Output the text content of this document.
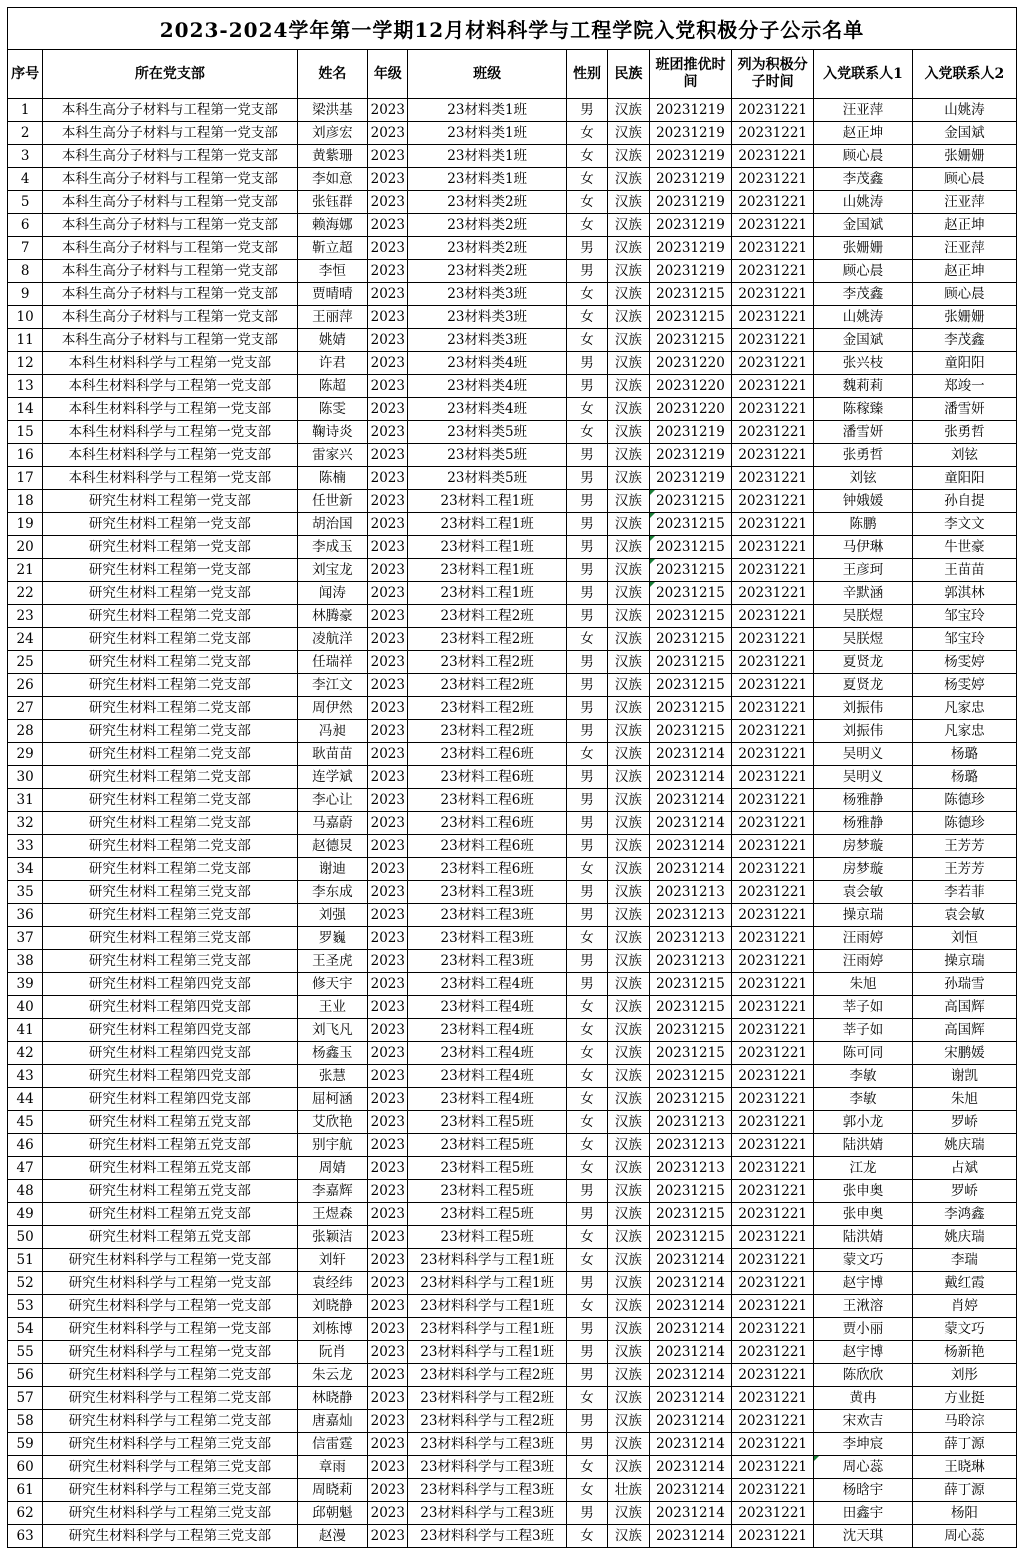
2023-2024学年第一学期12月材料科学与工程学院入党积极分子公示名单										
序号	所在党支部	姓名	年级	班级	性别	民族	班团推优时间	列为积极分子时间	入党联系人1	入党联系人2
1	本科生高分子材料与工程第一党支部	梁洪基	2023	23材料类1班	男	汉族	20231219	20231221	汪亚萍	山姚涛
2	本科生高分子材料与工程第一党支部	刘彦宏	2023	23材料类1班	女	汉族	20231219	20231221	赵正坤	金国斌
3	本科生高分子材料与工程第一党支部	黄紫珊	2023	23材料类1班	女	汉族	20231219	20231221	顾心晨	张姗姗
4	本科生高分子材料与工程第一党支部	李如意	2023	23材料类1班	女	汉族	20231219	20231221	李茂鑫	顾心晨
5	本科生高分子材料与工程第一党支部	张钰群	2023	23材料类2班	女	汉族	20231219	20231221	山姚涛	汪亚萍
6	本科生高分子材料与工程第一党支部	赖海娜	2023	23材料类2班	女	汉族	20231219	20231221	金国斌	赵正坤
7	本科生高分子材料与工程第一党支部	靳立超	2023	23材料类2班	男	汉族	20231219	20231221	张姗姗	汪亚萍
8	本科生高分子材料与工程第一党支部	李恒	2023	23材料类2班	男	汉族	20231219	20231221	顾心晨	赵正坤
9	本科生高分子材料与工程第一党支部	贾晴晴	2023	23材料类3班	女	汉族	20231215	20231221	李茂鑫	顾心晨
10	本科生高分子材料与工程第一党支部	王丽萍	2023	23材料类3班	女	汉族	20231215	20231221	山姚涛	张姗姗
11	本科生高分子材料与工程第一党支部	姚婧	2023	23材料类3班	女	汉族	20231215	20231221	金国斌	李茂鑫
12	本科生材料科学与工程第一党支部	许君	2023	23材料类4班	男	汉族	20231220	20231221	张兴枝	童阳阳
13	本科生材料科学与工程第一党支部	陈超	2023	23材料类4班	男	汉族	20231220	20231221	魏莉莉	郑竣一
14	本科生材料科学与工程第一党支部	陈雯	2023	23材料类4班	女	汉族	20231220	20231221	陈稼臻	潘雪妍
15	本科生材料科学与工程第一党支部	鞠诗炎	2023	23材料类5班	女	汉族	20231219	20231221	潘雪妍	张勇哲
16	本科生材料科学与工程第一党支部	雷家兴	2023	23材料类5班	男	汉族	20231219	20231221	张勇哲	刘铉
17	本科生材料科学与工程第一党支部	陈楠	2023	23材料类5班	男	汉族	20231219	20231221	刘铉	童阳阳
18	研究生材料工程第一党支部	任世新	2023	23材料工程1班	男	汉族	20231215	20231221	钟娥媛	孙自提
19	研究生材料工程第一党支部	胡治国	2023	23材料工程1班	男	汉族	20231215	20231221	陈鹏	李文文
20	研究生材料工程第一党支部	李成玉	2023	23材料工程1班	男	汉族	20231215	20231221	马伊琳	牛世豪
21	研究生材料工程第一党支部	刘宝龙	2023	23材料工程1班	男	汉族	20231215	20231221	王彦珂	王苗苗
22	研究生材料工程第一党支部	闻涛	2023	23材料工程1班	男	汉族	20231215	20231221	辛默涵	郭淇林
23	研究生材料工程第二党支部	林腾豪	2023	23材料工程2班	男	汉族	20231215	20231221	吴朕煜	邹宝玲
24	研究生材料工程第二党支部	凌航洋	2023	23材料工程2班	女	汉族	20231215	20231221	吴朕煜	邹宝玲
25	研究生材料工程第二党支部	任瑞祥	2023	23材料工程2班	男	汉族	20231215	20231221	夏贤龙	杨雯婷
26	研究生材料工程第二党支部	李江文	2023	23材料工程2班	男	汉族	20231215	20231221	夏贤龙	杨雯婷
27	研究生材料工程第二党支部	周伊然	2023	23材料工程2班	男	汉族	20231215	20231221	刘振伟	凡家忠
28	研究生材料工程第二党支部	冯昶	2023	23材料工程2班	男	汉族	20231215	20231221	刘振伟	凡家忠
29	研究生材料工程第二党支部	耿苗苗	2023	23材料工程6班	女	汉族	20231214	20231221	吴明义	杨璐
30	研究生材料工程第二党支部	连学斌	2023	23材料工程6班	男	汉族	20231214	20231221	吴明义	杨璐
31	研究生材料工程第二党支部	李心让	2023	23材料工程6班	男	汉族	20231214	20231221	杨雅静	陈德珍
32	研究生材料工程第二党支部	马嘉蔚	2023	23材料工程6班	男	汉族	20231214	20231221	杨雅静	陈德珍
33	研究生材料工程第二党支部	赵德炅	2023	23材料工程6班	男	汉族	20231214	20231221	房梦璇	王芳芳
34	研究生材料工程第二党支部	谢迪	2023	23材料工程6班	女	汉族	20231214	20231221	房梦璇	王芳芳
35	研究生材料工程第三党支部	李东成	2023	23材料工程3班	男	汉族	20231213	20231221	袁会敏	李若菲
36	研究生材料工程第三党支部	刘强	2023	23材料工程3班	男	汉族	20231213	20231221	操京瑞	袁会敏
37	研究生材料工程第三党支部	罗巍	2023	23材料工程3班	女	汉族	20231213	20231221	汪雨婷	刘恒
38	研究生材料工程第三党支部	王圣虎	2023	23材料工程3班	男	汉族	20231213	20231221	汪雨婷	操京瑞
39	研究生材料工程第四党支部	修天宇	2023	23材料工程4班	男	汉族	20231215	20231221	朱旭	孙瑞雪
40	研究生材料工程第四党支部	王业	2023	23材料工程4班	女	汉族	20231215	20231221	莘子如	高国辉
41	研究生材料工程第四党支部	刘飞凡	2023	23材料工程4班	女	汉族	20231215	20231221	莘子如	高国辉
42	研究生材料工程第四党支部	杨鑫玉	2023	23材料工程4班	女	汉族	20231215	20231221	陈可同	宋鹏媛
43	研究生材料工程第四党支部	张慧	2023	23材料工程4班	女	汉族	20231215	20231221	李敏	谢凯
44	研究生材料工程第四党支部	屈柯涵	2023	23材料工程4班	女	汉族	20231215	20231221	李敏	朱旭
45	研究生材料工程第五党支部	艾欣艳	2023	23材料工程5班	女	汉族	20231213	20231221	郭小龙	罗峤
46	研究生材料工程第五党支部	别宇航	2023	23材料工程5班	女	汉族	20231213	20231221	陆洪婧	姚庆瑞
47	研究生材料工程第五党支部	周婧	2023	23材料工程5班	女	汉族	20231213	20231221	江龙	占斌
48	研究生材料工程第五党支部	李嘉辉	2023	23材料工程5班	男	汉族	20231215	20231221	张申奥	罗峤
49	研究生材料工程第五党支部	王煜森	2023	23材料工程5班	男	汉族	20231215	20231221	张申奥	李鸿鑫
50	研究生材料工程第五党支部	张颖洁	2023	23材料工程5班	女	汉族	20231215	20231221	陆洪婧	姚庆瑞
51	研究生材料科学与工程第一党支部	刘轩	2023	23材料科学与工程1班	女	汉族	20231214	20231221	蒙文巧	李瑞
52	研究生材料科学与工程第一党支部	袁经纬	2023	23材料科学与工程1班	男	汉族	20231214	20231221	赵宇博	戴红霞
53	研究生材料科学与工程第一党支部	刘晓静	2023	23材料科学与工程1班	女	汉族	20231214	20231221	王湫溶	肖婷
54	研究生材料科学与工程第一党支部	刘栋博	2023	23材料科学与工程1班	男	汉族	20231214	20231221	贾小丽	蒙文巧
55	研究生材料科学与工程第一党支部	阮肖	2023	23材料科学与工程1班	男	汉族	20231214	20231221	赵宇博	杨新艳
56	研究生材料科学与工程第二党支部	朱云龙	2023	23材料科学与工程2班	男	汉族	20231214	20231221	陈欣欣	刘彤
57	研究生材料科学与工程第二党支部	林晓静	2023	23材料科学与工程2班	女	汉族	20231214	20231221	黄冉	方业挺
58	研究生材料科学与工程第二党支部	唐嘉灿	2023	23材料科学与工程2班	男	汉族	20231214	20231221	宋欢吉	马聆淙
59	研究生材料科学与工程第三党支部	信雷霆	2023	23材料科学与工程3班	男	汉族	20231214	20231221	李坤宸	薛丁源
60	研究生材料科学与工程第三党支部	章雨	2023	23材料科学与工程3班	女	汉族	20231214	20231221	周心蕊	王晓琳
61	研究生材料科学与工程第三党支部	周晓莉	2023	23材料科学与工程3班	女	壮族	20231214	20231221	杨晗宇	薛丁源
62	研究生材料科学与工程第三党支部	邱朝魁	2023	23材料科学与工程3班	男	汉族	20231214	20231221	田鑫宇	杨阳
63	研究生材料科学与工程第三党支部	赵漫	2023	23材料科学与工程3班	女	汉族	20231214	20231221	沈天琪	周心蕊
